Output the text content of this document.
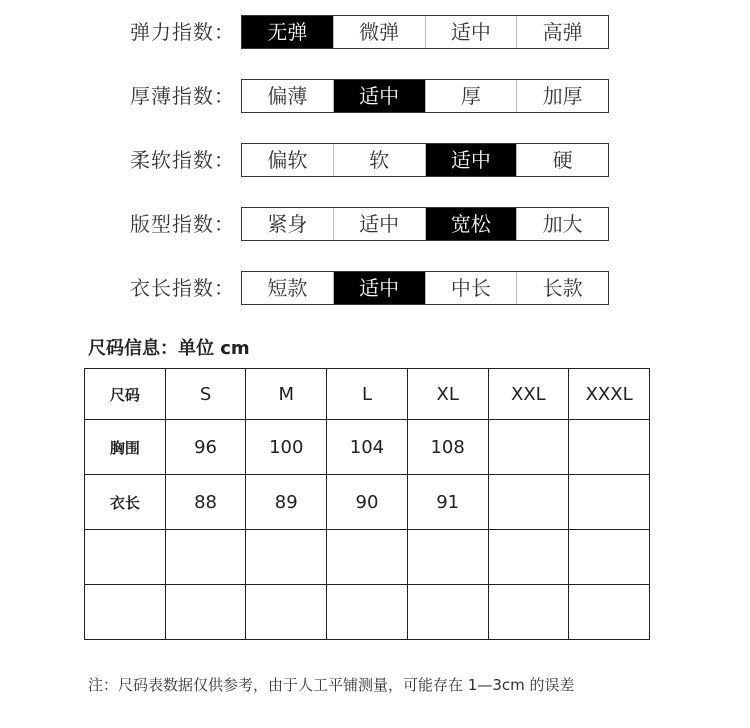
弹力指数：	无弹	微弹	适中	高弹
厚薄指数：	偏薄	适中	厚	加厚
柔软指数：	偏软	软	适中	硬
版型指数：	紧身	适中	宽松	加大
衣长指数：	短款	适中	中长	长款
尺码信息：单位 cm
尺码	S	M	L	XL	XXL	XXXL
胸围	96	100	104	108		
衣长	88	89	90	91		

注：尺码表数据仅供参考，由于人工平铺测量，可能存在 1—3cm 的误差
